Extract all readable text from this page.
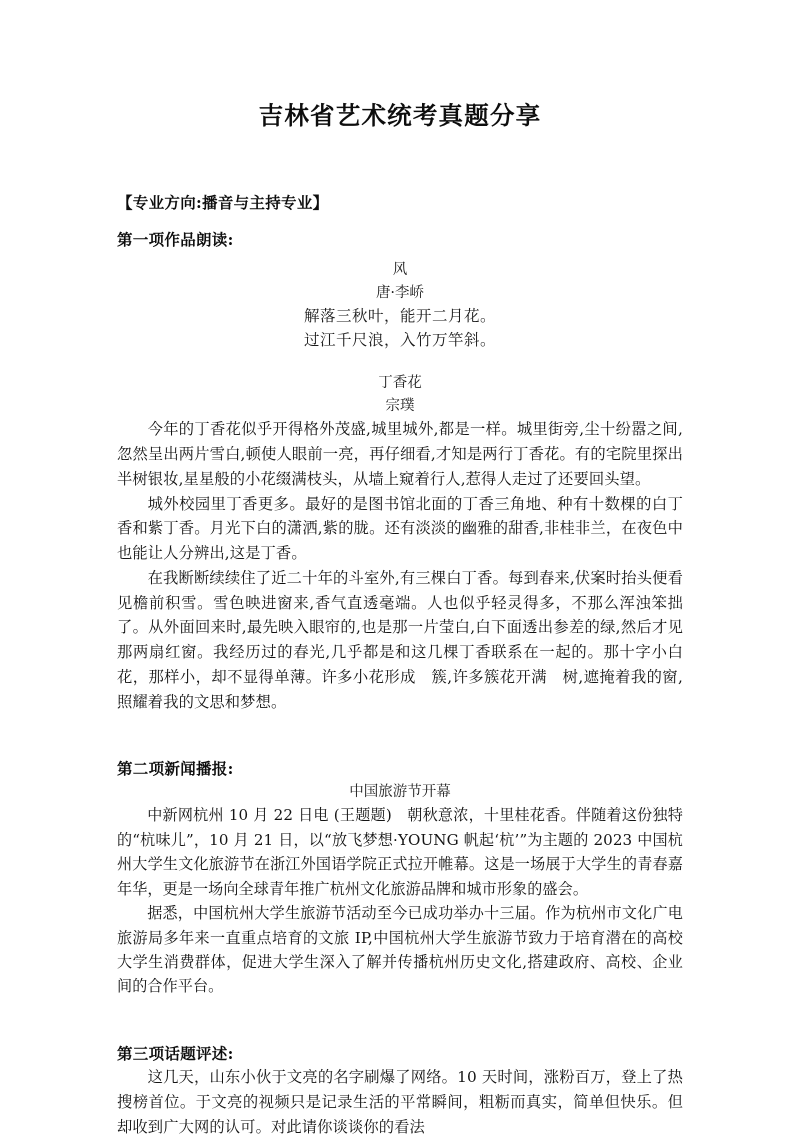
吉林省艺术统考真题分享
【专业方向:播音与主持专业】
第一项作品朗读:
风
唐·李峤
解落三秋叶，能开二月花。
过江千尺浪，入竹万竿斜。
丁香花
宗璞

今年的丁香花似乎开得格外茂盛,城里城外,都是一样。城里街旁,尘十纷嚣之间,忽然呈出两片雪白,顿使人眼前一亮，再仔细看,才知是两行丁香花。有的宅院里探出半树银妆,星星般的小花缀满枝头，从墙上窥着行人,惹得人走过了还要回头望。

城外校园里丁香更多。最好的是图书馆北面的丁香三角地、种有十数棵的白丁香和紫丁香。月光下白的潇洒,紫的胧。还有淡淡的幽雅的甜香,非桂非兰，在夜色中也能让人分辨出,这是丁香。

在我断断续续住了近二十年的斗室外,有三棵白丁香。每到春来,伏案时抬头便看见檐前积雪。雪色映进窗来,香气直透毫端。人也似乎轻灵得多，不那么浑浊笨拙了。从外面回来时,最先映入眼帘的,也是那一片莹白,白下面透出参差的绿,然后才见那两扇红窗。我经历过的春光,几乎都是和这几棵丁香联系在一起的。那十字小白花，那样小，却不显得单薄。许多小花形成　簇,许多簇花开满　树,遮掩着我的窗,照耀着我的文思和梦想。

第二项新闻播报:
中国旅游节开幕

中新网杭州 10 月 22 日电 (王题题)　朝秋意浓，十里桂花香。伴随着这份独特的“杭味儿”，10 月 21 日，以“放飞梦想·YOUNG 帆起‘杭’”为主题的 2023 中国杭州大学生文化旅游节在浙江外国语学院正式拉开帷幕。这是一场展于大学生的青春嘉年华，更是一场向全球青年推广杭州文化旅游品牌和城市形象的盛会。

据悉，中国杭州大学生旅游节活动至今已成功举办十三届。作为杭州市文化广电旅游局多年来一直重点培育的文旅 IP,中国杭州大学生旅游节致力于培育潜在的高校大学生消费群体，促进大学生深入了解并传播杭州历史文化,搭建政府、高校、企业间的合作平台。

第三项话题评述:

这几天，山东小伙于文亮的名字刷爆了网络。10 天时间，涨粉百万，登上了热搜榜首位。于文亮的视频只是记录生活的平常瞬间，粗粝而真实，简单但快乐。但却收到广大网的认可。对此请你谈谈你的看法
